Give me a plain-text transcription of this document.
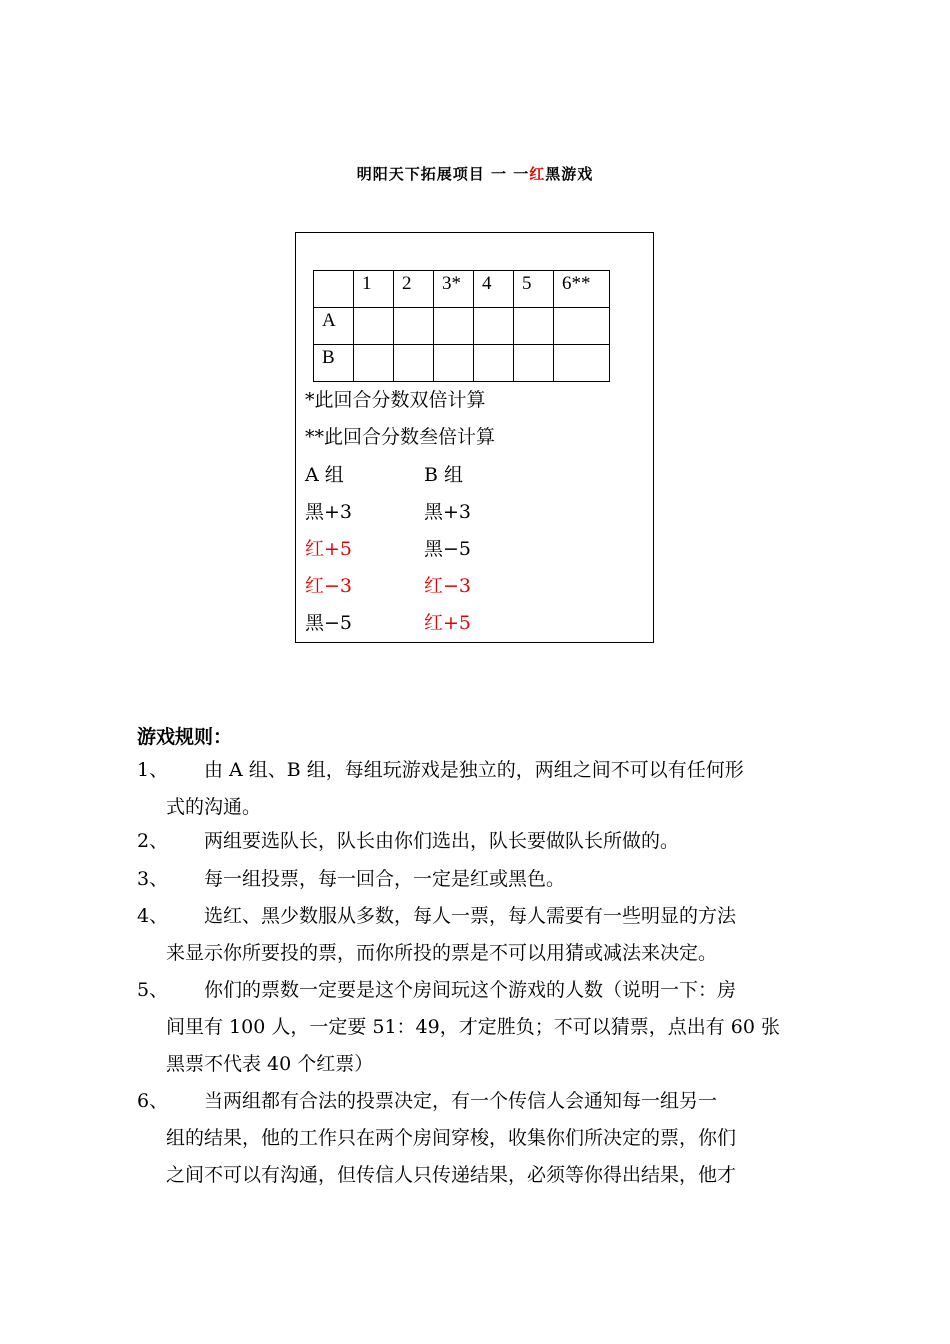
明阳天下拓展项目 一 一红黑游戏
	1	2	3*	4	5	6**
A						
B						
*此回合分数双倍计算
**此回合分数叁倍计算
A 组	B 组
黑+3	黑+3
红+5	黑−5
红−3	红−3
黑−5	红+5
游戏规则：
1、 由 A 组、B 组，每组玩游戏是独立的，两组之间不可以有任何形
式的沟通。
2、 两组要选队长，队长由你们选出，队长要做队长所做的。
3、 每一组投票，每一回合，一定是红或黑色。
4、 选红、黑少数服从多数，每人一票，每人需要有一些明显的方法
来显示你所要投的票，而你所投的票是不可以用猜或减法来决定。
5、 你们的票数一定要是这个房间玩这个游戏的人数（说明一下：房
间里有 100 人，一定要 51：49，才定胜负；不可以猜票，点出有 60 张
黑票不代表 40 个红票）
6、 当两组都有合法的投票决定，有一个传信人会通知每一组另一
组的结果，他的工作只在两个房间穿梭，收集你们所决定的票，你们
之间不可以有沟通，但传信人只传递结果，必须等你得出结果，他才
